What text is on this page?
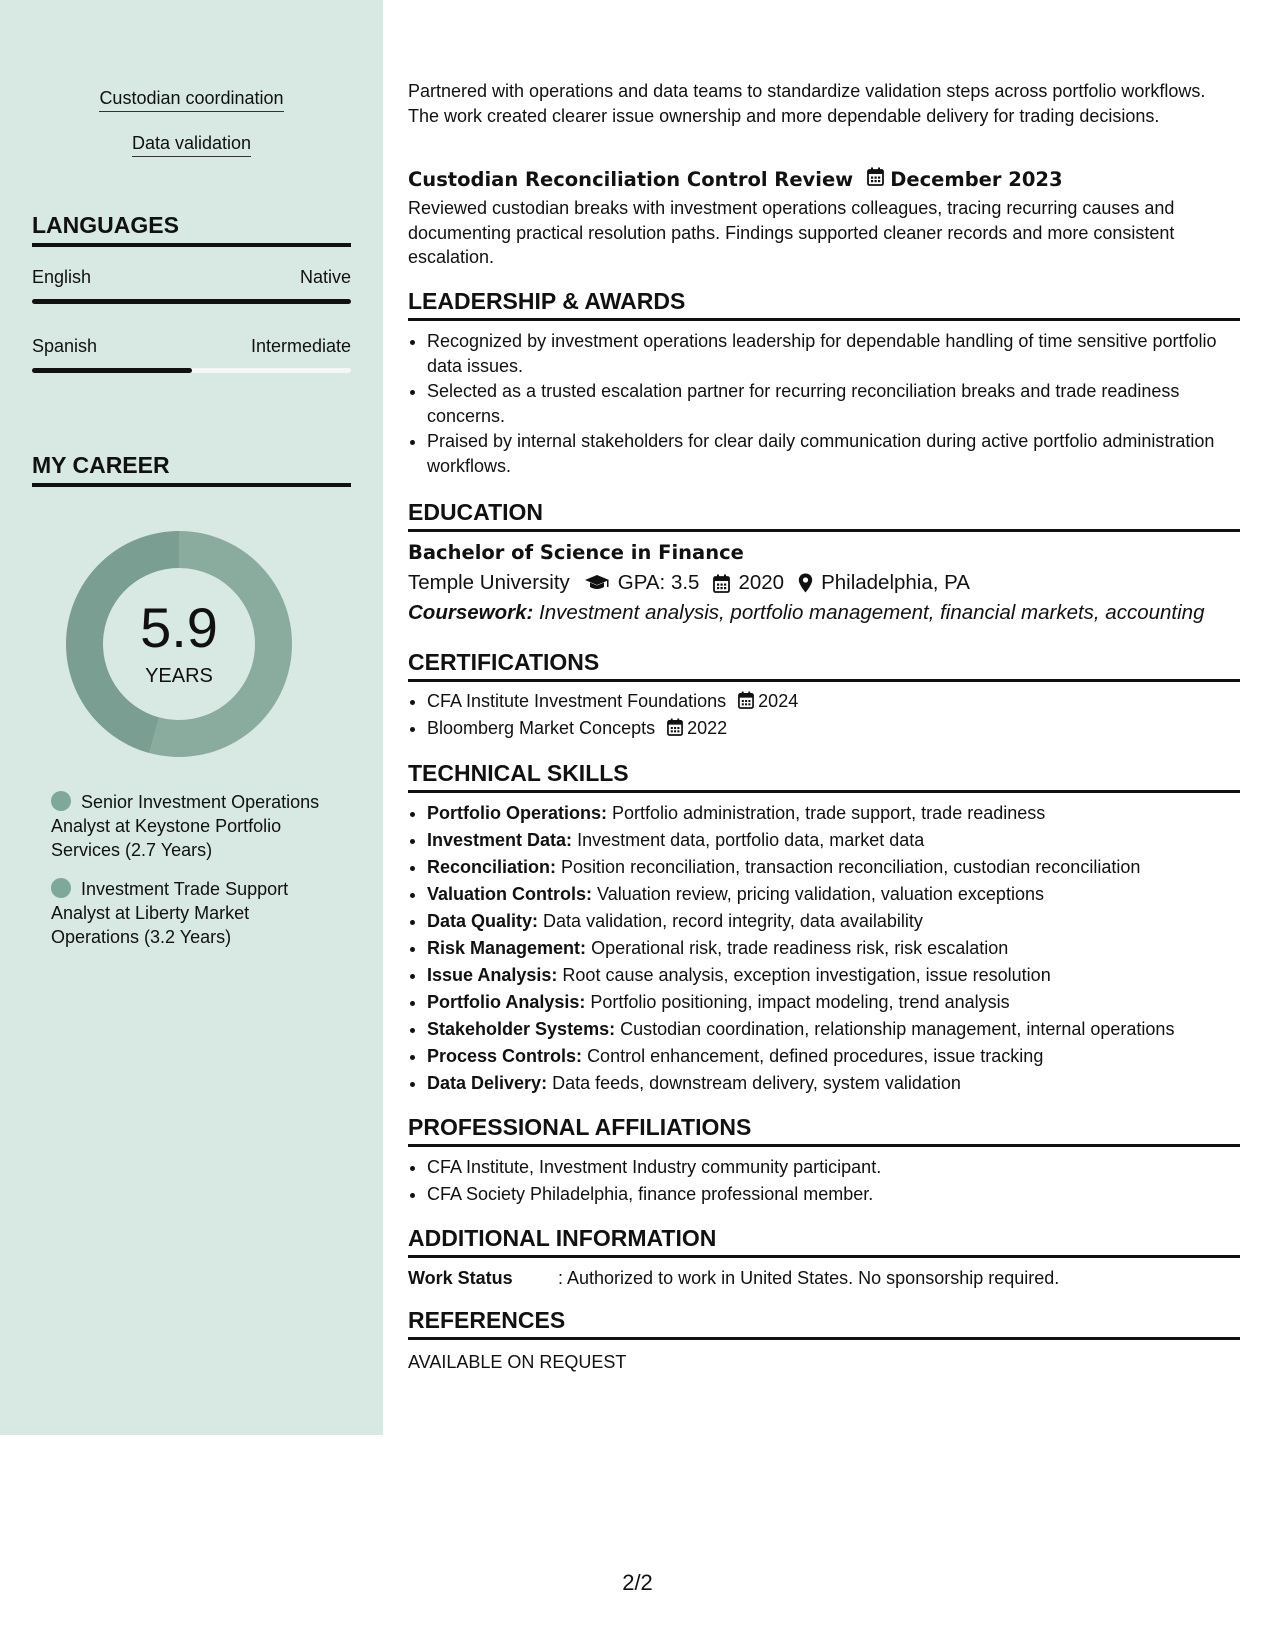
Custodian coordination
Data validation
LANGUAGES
English	Native
Spanish	Intermediate
MY CAREER
5.9
YEARS
Senior Investment Operations Analyst at Keystone Portfolio Services (2.7 Years)
Investment Trade Support Analyst at Liberty Market Operations (3.2 Years)

Partnered with operations and data teams to standardize validation steps across portfolio workflows. The work created clearer issue ownership and more dependable delivery for trading decisions.

Custodian Reconciliation Control Review December 2023

Reviewed custodian breaks with investment operations colleagues, tracing recurring causes and documenting practical resolution paths. Findings supported cleaner records and more consistent escalation.

LEADERSHIP & AWARDS
• Recognized by investment operations leadership for dependable handling of time sensitive portfolio data issues.
• Selected as a trusted escalation partner for recurring reconciliation breaks and trade readiness concerns.
• Praised by internal stakeholders for clear daily communication during active portfolio administration workflows.
EDUCATION
Bachelor of Science in Finance
Temple University GPA: 3.5 2020 Philadelphia, PA
Coursework: Investment analysis, portfolio management, financial markets, accounting
CERTIFICATIONS
• CFA Institute Investment Foundations 2024
• Bloomberg Market Concepts 2022
TECHNICAL SKILLS
• Portfolio Operations: Portfolio administration, trade support, trade readiness
• Investment Data: Investment data, portfolio data, market data
• Reconciliation: Position reconciliation, transaction reconciliation, custodian reconciliation
• Valuation Controls: Valuation review, pricing validation, valuation exceptions
• Data Quality: Data validation, record integrity, data availability
• Risk Management: Operational risk, trade readiness risk, risk escalation
• Issue Analysis: Root cause analysis, exception investigation, issue resolution
• Portfolio Analysis: Portfolio positioning, impact modeling, trend analysis
• Stakeholder Systems: Custodian coordination, relationship management, internal operations
• Process Controls: Control enhancement, defined procedures, issue tracking
• Data Delivery: Data feeds, downstream delivery, system validation
PROFESSIONAL AFFILIATIONS
• CFA Institute, Investment Industry community participant.
• CFA Society Philadelphia, finance professional member.
ADDITIONAL INFORMATION
Work Status	: Authorized to work in United States. No sponsorship required.
REFERENCES
AVAILABLE ON REQUEST
2/2
